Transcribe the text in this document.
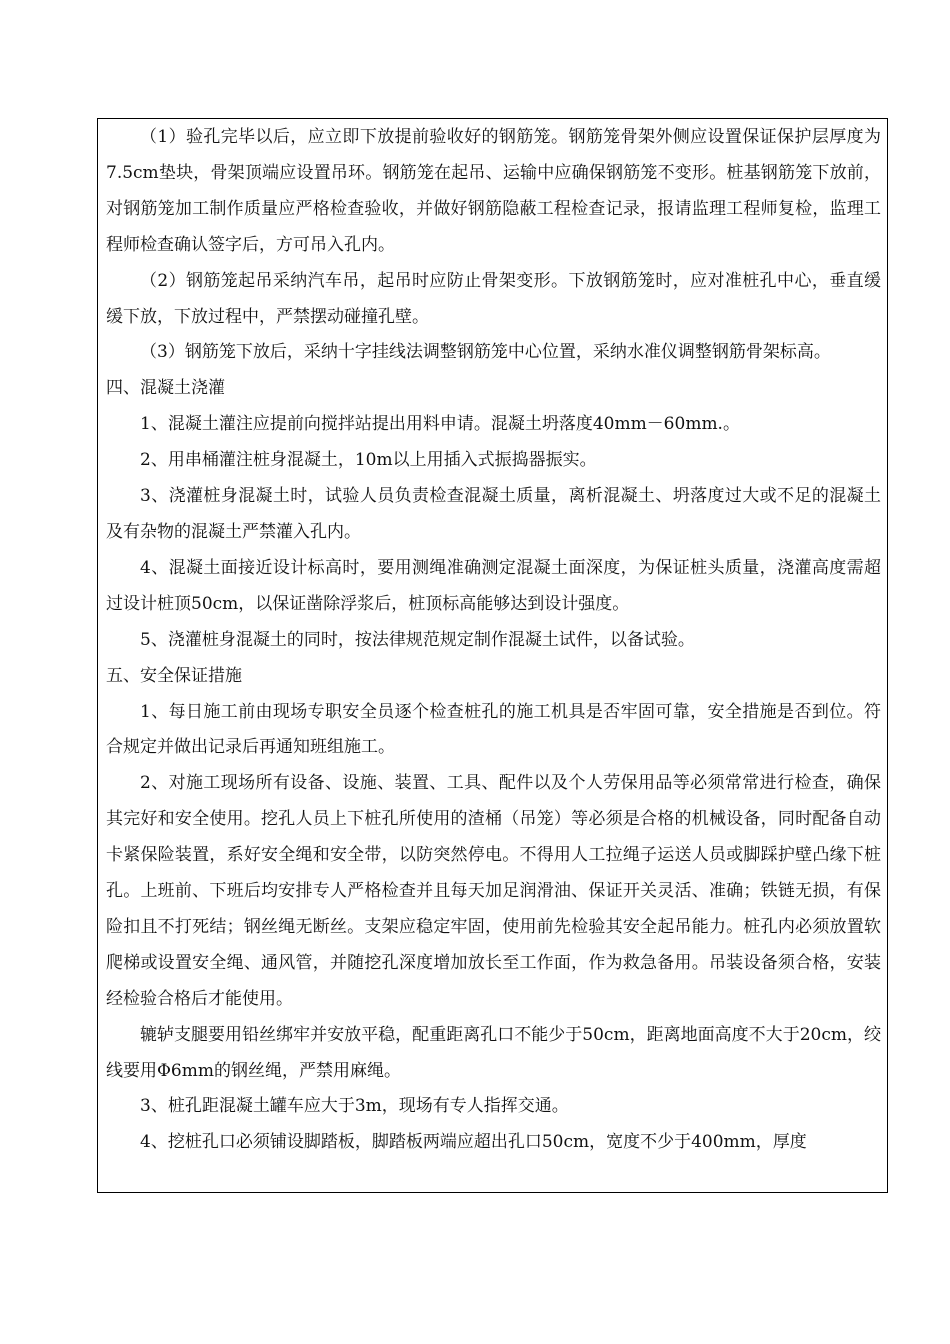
（1）验孔完毕以后，应立即下放提前验收好的钢筋笼。钢筋笼骨架外侧应设置保证保护层厚度为7.5cm垫块，骨架顶端应设置吊环。钢筋笼在起吊、运输中应确保钢筋笼不变形。桩基钢筋笼下放前，对钢筋笼加工制作质量应严格检查验收，并做好钢筋隐蔽工程检查记录，报请监理工程师复检，监理工程师检查确认签字后，方可吊入孔内。

（2）钢筋笼起吊采纳汽车吊，起吊时应防止骨架变形。下放钢筋笼时，应对准桩孔中心，垂直缓缓下放，下放过程中，严禁摆动碰撞孔壁。

（3）钢筋笼下放后，采纳十字挂线法调整钢筋笼中心位置，采纳水准仪调整钢筋骨架标高。

四、混凝土浇灌

1、混凝土灌注应提前向搅拌站提出用料申请。混凝土坍落度40mm－60mm.。

2、用串桶灌注桩身混凝土，10m以上用插入式振捣器振实。

3、浇灌桩身混凝土时，试验人员负责检查混凝土质量，离析混凝土、坍落度过大或不足的混凝土及有杂物的混凝土严禁灌入孔内。

4、混凝土面接近设计标高时，要用测绳准确测定混凝土面深度，为保证桩头质量，浇灌高度需超过设计桩顶50cm，以保证凿除浮浆后，桩顶标高能够达到设计强度。

5、浇灌桩身混凝土的同时，按法律规范规定制作混凝土试件，以备试验。

五、安全保证措施

1、每日施工前由现场专职安全员逐个检查桩孔的施工机具是否牢固可靠，安全措施是否到位。符合规定并做出记录后再通知班组施工。

2、对施工现场所有设备、设施、装置、工具、配件以及个人劳保用品等必须常常进行检查，确保其完好和安全使用。挖孔人员上下桩孔所使用的渣桶（吊笼）等必须是合格的机械设备，同时配备自动卡紧保险装置，系好安全绳和安全带，以防突然停电。不得用人工拉绳子运送人员或脚踩护壁凸缘下桩孔。上班前、下班后均安排专人严格检查并且每天加足润滑油、保证开关灵活、准确；铁链无损，有保险扣且不打死结；钢丝绳无断丝。支架应稳定牢固，使用前先检验其安全起吊能力。桩孔内必须放置软爬梯或设置安全绳、通风管，并随挖孔深度增加放长至工作面，作为救急备用。吊装设备须合格，安装经检验合格后才能使用。

辘轳支腿要用铅丝绑牢并安放平稳，配重距离孔口不能少于50cm，距离地面高度不大于20cm，绞线要用Φ6mm的钢丝绳，严禁用麻绳。

3、桩孔距混凝土罐车应大于3m，现场有专人指挥交通。

4、挖桩孔口必须铺设脚踏板，脚踏板两端应超出孔口50cm，宽度不少于400mm，厚度
